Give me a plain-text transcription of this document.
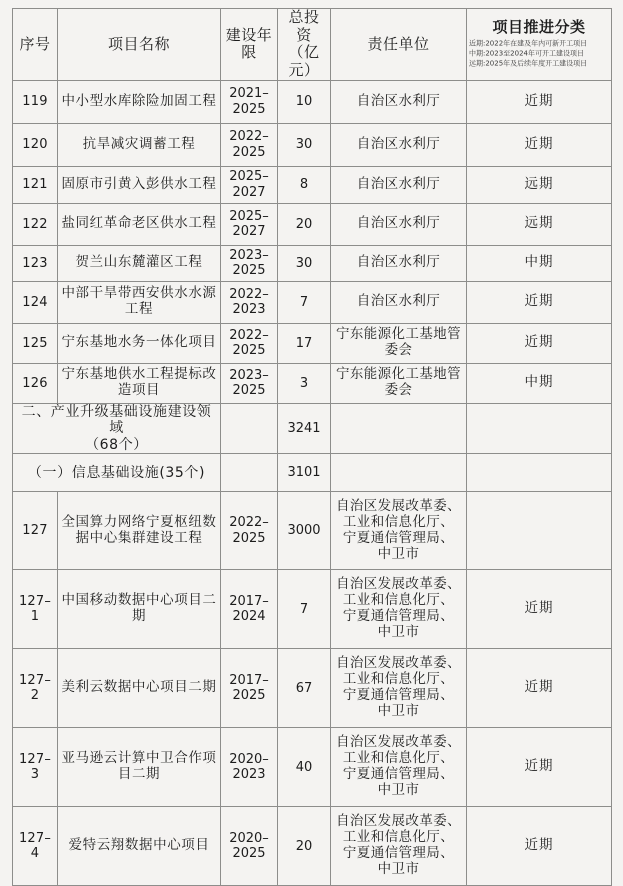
序号	项目名称	建设年限	总投资
（亿元）	责任单位	项目推进分类
近期:2022年在建及年内可新开工项目
中期:2023至2024年可开工建设项目
远期:2025年及后续年度开工建设项目

119	中小型水库除险加固工程	2021–
2025	10	自治区水利厅	近期
120	抗旱减灾调蓄工程	2022–
2025	30	自治区水利厅	近期
121	固原市引黄入彭供水工程	2025–
2027	8	自治区水利厅	远期
122	盐同红革命老区供水工程	2025–
2027	20	自治区水利厅	远期
123	贺兰山东麓灌区工程	2023–
2025	30	自治区水利厅	中期
124	中部干旱带西安供水水源工程	2022–
2023	7	自治区水利厅	近期
125	宁东基地水务一体化项目	2022–
2025	17	宁东能源化工基地管
委会	近期
126	宁东基地供水工程提标改造项目	2023–
2025	3	宁东能源化工基地管
委会	中期

二、产业升级基础设施建设领域
（68个）			3241		

（一）信息基础设施(35个)			3101		
127	全国算力网络宁夏枢纽数据中心集群建设工程	2022–
2025	3000	自治区发展改革委、
工业和信息化厅、
宁夏通信管理局、
中卫市	

127–1	中国移动数据中心项目二期	2017–
2024	7	自治区发展改革委、
工业和信息化厅、
宁夏通信管理局、
中卫市	近期
127–2	美利云数据中心项目二期	2017–
2025	67	自治区发展改革委、
工业和信息化厅、
宁夏通信管理局、
中卫市	近期
127–3	亚马逊云计算中卫合作项目二期	2020–
2023	40	自治区发展改革委、
工业和信息化厅、
宁夏通信管理局、
中卫市	近期
127–4	爱特云翔数据中心项目	2020–
2025	20	自治区发展改革委、
工业和信息化厅、
宁夏通信管理局、
中卫市	近期
